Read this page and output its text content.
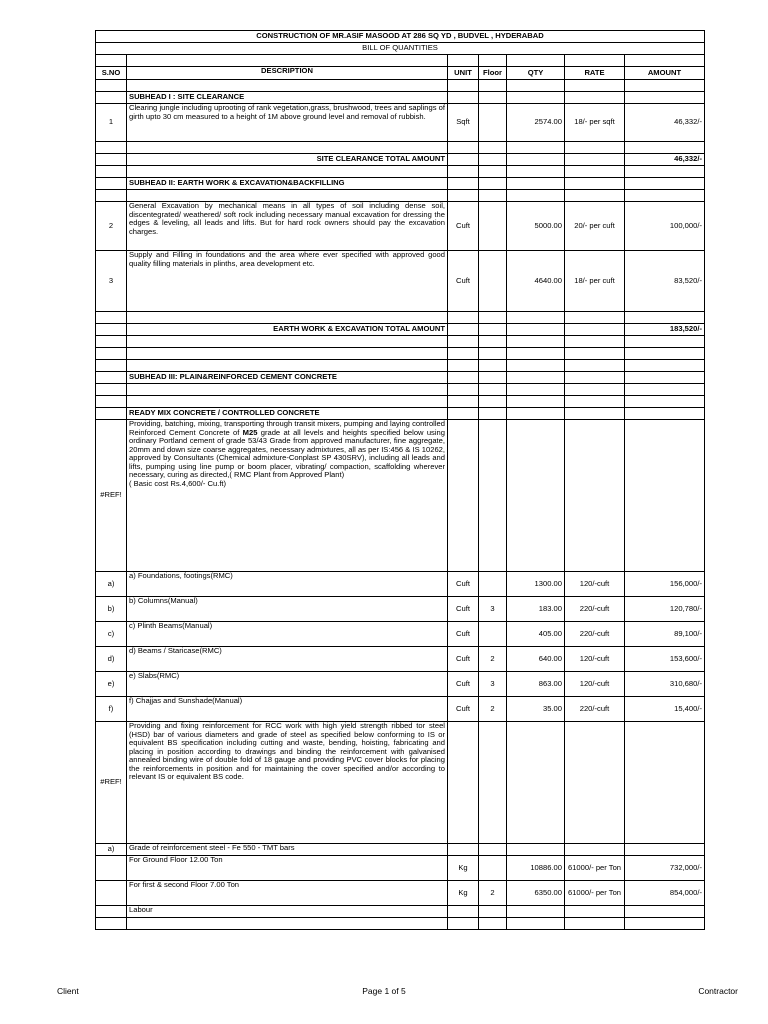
CONSTRUCTION OF MR.ASIF MASOOD AT 286 SQ YD , BUDVEL , HYDERABAD						
BILL OF QUANTITIES						

S.NO	DESCRIPTION	UNIT	Floor	QTY	RATE	AMOUNT

	SUBHEAD I : SITE CLEARANCE					
1	Clearing jungle including uprooting of rank vegetation,grass, brushwood, trees and saplings of girth upto 30 cm measured to a height of 1M above ground level and removal of rubbish.	Sqft		2574.00	18/- per sqft	46,332/-

	SITE CLEARANCE TOTAL AMOUNT					46,332/-

	SUBHEAD II: EARTH WORK & EXCAVATION&BACKFILLING					

2	General Excavation by mechanical means in all types of soil including dense soil, discentegrated/ weathered/ soft rock including necessary manual excavation for dressing the edges & leveling, all leads and lifts. But for hard rock owners should pay the excavation charges.	Cuft		5000.00	20/- per cuft	100,000/-
3	Supply and Filling in foundations and the area where ever specified with approved good quality filling materials in plinths, area development etc.	Cuft		4640.00	18/- per cuft	83,520/-

	EARTH WORK & EXCAVATION TOTAL AMOUNT					183,520/-

	SUBHEAD III: PLAIN&REINFORCED CEMENT CONCRETE					

	READY MIX CONCRETE / CONTROLLED CONCRETE					
#REF!	Providing, batching, mixing, transporting through transit mixers, pumping and laying controlled Reinforced Cement Concrete of M25 grade at all levels and heights specified below using ordinary Portland cement of grade 53/43 Grade from approved manufacturer, fine aggregate, 20mm and down size coarse aggregates, necessary admixtures, all as per IS:456 & IS 10262, approved by Consultants (Chemical admixture-Conplast SP 430SRV), including all leads and lifts, pumping using line pump or boom placer, vibrating/ compaction, scaffolding wherever necessary, curing as directed,( RMC Plant from Approved Plant)
( Basic cost Rs.4,600/- Cu.ft)					
a)	a) Foundations, footings(RMC)	Cuft		1300.00	120/-cuft	156,000/-
b)	b) Columns(Manual)	Cuft	3	183.00	220/-cuft	120,780/-
c)	c) Plinth Beams(Manual)	Cuft		405.00	220/-cuft	89,100/-
d)	d) Beams / Staricase(RMC)	Cuft	2	640.00	120/-cuft	153,600/-
e)	e) Slabs(RMC)	Cuft	3	863.00	120/-cuft	310,680/-
f)	f) Chajjas and Sunshade(Manual)	Cuft	2	35.00	220/-cuft	15,400/-
#REF!	Providing and fixing reinforcement for RCC work with high yield strength ribbed tor steel (HSD) bar of various diameters and grade of steel as specified below conforming to IS or equivalent BS specification including cutting and waste, bending, hoisting, fabricating and placing in position according to drawings and binding the reinforcement with galvanised annealed binding wire of double fold of 18 gauge and providing PVC cover blocks for placing the reinforcements in position and for maintaining the cover specified and/or according to relevant IS or equivalent BS code.					
a)	Grade of reinforcement steel - Fe 550 - TMT bars					
	For Ground Floor 12.00 Ton	Kg		10886.00	61000/- per Ton	732,000/-
	For first & second Floor 7.00 Ton	Kg	2	6350.00	61000/- per Ton	854,000/-
	Labour					

Client	Page 1 of 5	Contractor
